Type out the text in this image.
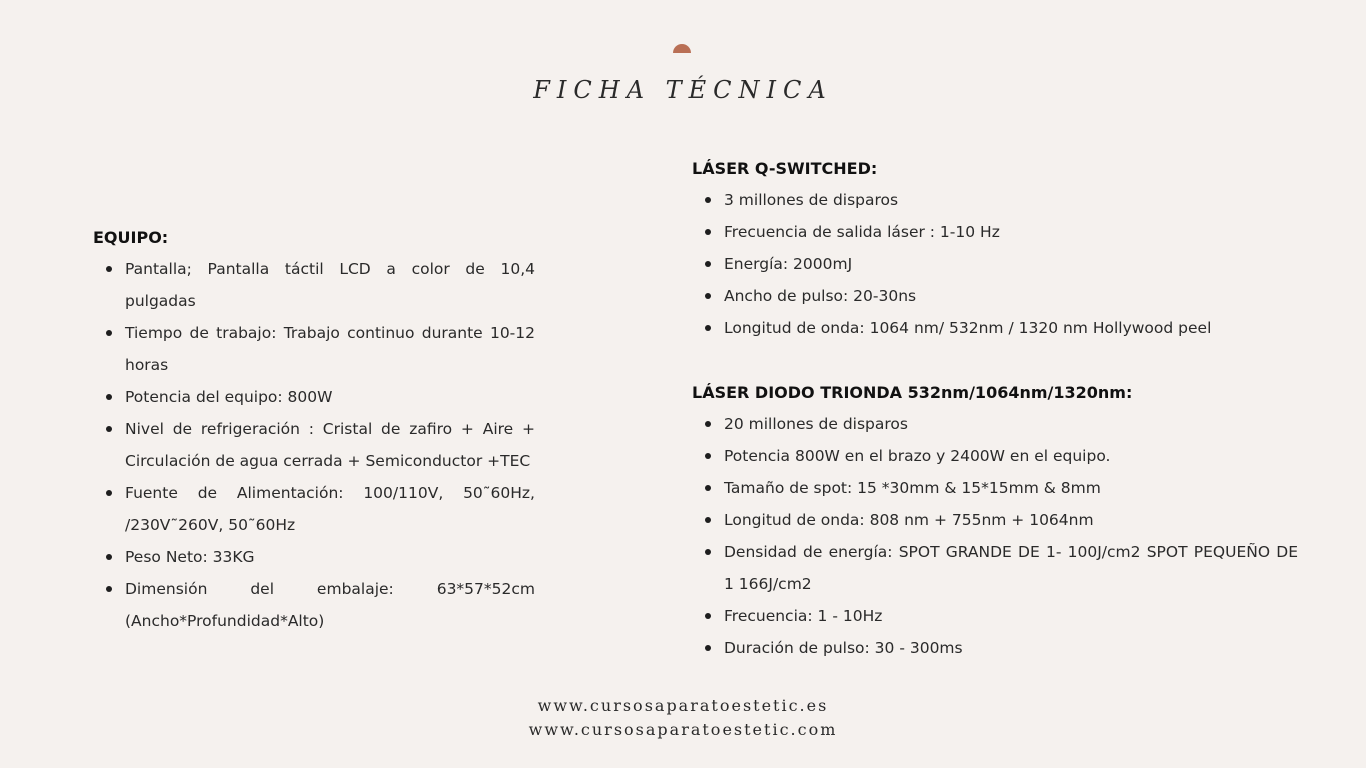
FICHA TÉCNICA
EQUIPO:
Pantalla; Pantalla táctil LCD a color de 10,4 pulgadas
Tiempo de trabajo: Trabajo continuo durante 10-12 horas
Potencia del equipo: 800W
Nivel de refrigeración : Cristal de zafiro + Aire + Circulación de agua cerrada + Semiconductor +TEC
Fuente de Alimentación: 100/110V, 50˜60Hz, /230V˜260V, 50˜60Hz
Peso Neto: 33KG
Dimensión del embalaje: 63*57*52cm (Ancho*Profundidad*Alto)
LÁSER Q-SWITCHED:
3 millones de disparos
Frecuencia de salida láser : 1-10 Hz
Energía: 2000mJ
Ancho de pulso: 20-30ns
Longitud de onda: 1064 nm/ 532nm / 1320 nm Hollywood peel
LÁSER DIODO TRIONDA 532nm/1064nm/1320nm:
20 millones de disparos
Potencia 800W en el brazo y 2400W en el equipo.
Tamaño de spot: 15 *30mm & 15*15mm & 8mm
Longitud de onda: 808 nm + 755nm + 1064nm
Densidad de energía: SPOT GRANDE DE 1- 100J/cm2 SPOT PEQUEÑO DE 1 166J/cm2
Frecuencia: 1 - 10Hz
Duración de pulso: 30 - 300ms
www.cursosaparatoestetic.es
www.cursosaparatoestetic.com
